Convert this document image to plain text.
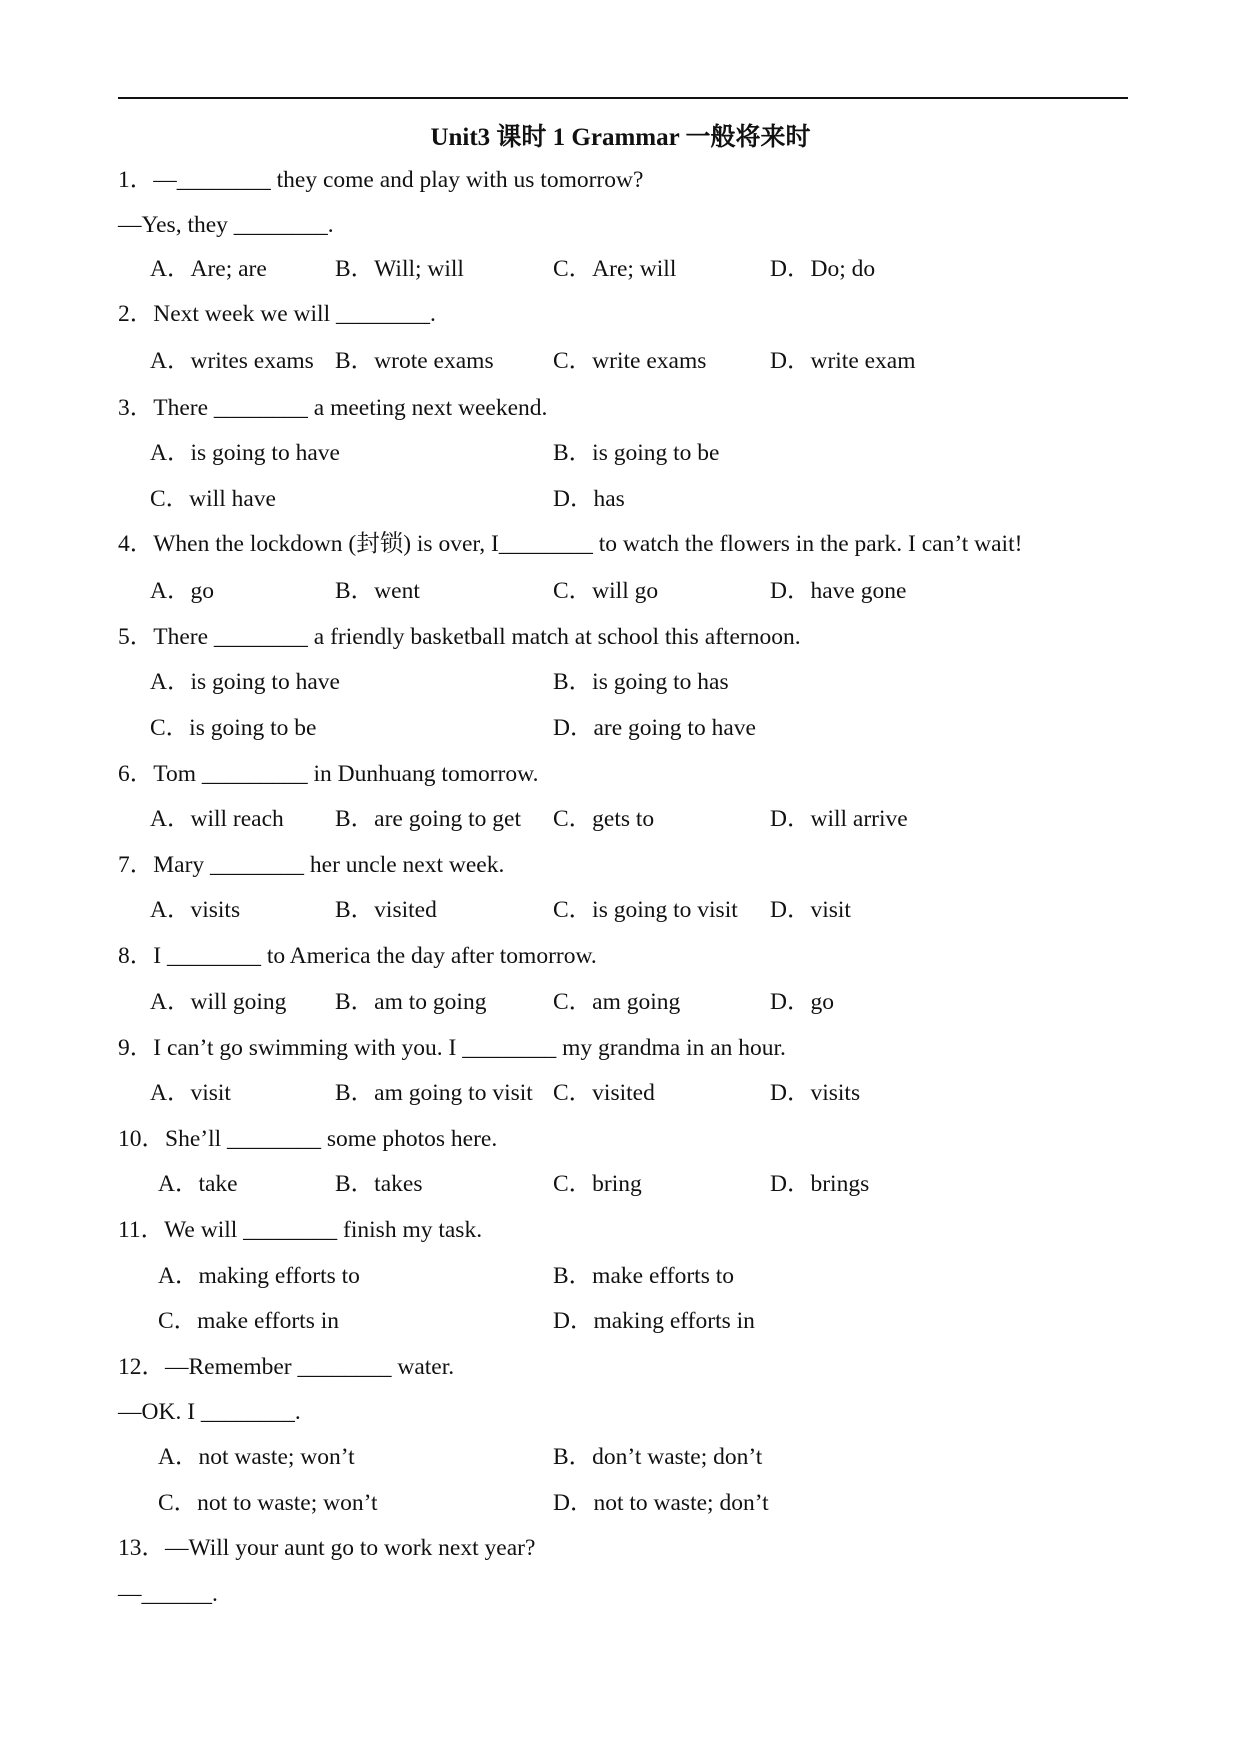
Unit3 课时 1 Grammar 一般将来时
1．—________ they come and play with us tomorrow?
—Yes, they ________.
A．Are; are	B．Will; will	C．Are; will	D．Do; do
2．Next week we will ________.
A．writes exams B．wrote exams	C．write exams	D．write exam
3．There ________ a meeting next weekend.
A．is going to have	B．is going to be
C．will have	D．has
4．When the lockdown (封锁) is over, I________ to watch the flowers in the park. I can’t wait!
A．go	B．went	C．will go	D．have gone
5．There ________ a friendly basketball match at school this afternoon.
A．is going to have	B．is going to has
C．is going to be	D．are going to have
6．Tom _________ in Dunhuang tomorrow.
A．will reach B．are going to get C．gets to	D．will arrive
7．Mary ________ her uncle next week.
A．visits	B．visited	C．is going to visit D．visit
8．I ________ to America the day after tomorrow.
A．will going B．am to going	C．am going	D．go
9．I can’t go swimming with you. I ________ my grandma in an hour.
A．visit	B．am going to visit C．visited	D．visits
10．She’ll ________ some photos here.
A．take	B．takes	C．bring	D．brings
11．We will ________ finish my task.
A．making efforts to	B．make efforts to
C．make efforts in	D．making efforts in
12．—Remember ________ water.
—OK. I ________.
A．not waste; won’t	B．don’t waste; don’t
C．not to waste; won’t	D．not to waste; don’t
13．—Will your aunt go to work next year?
—______.
